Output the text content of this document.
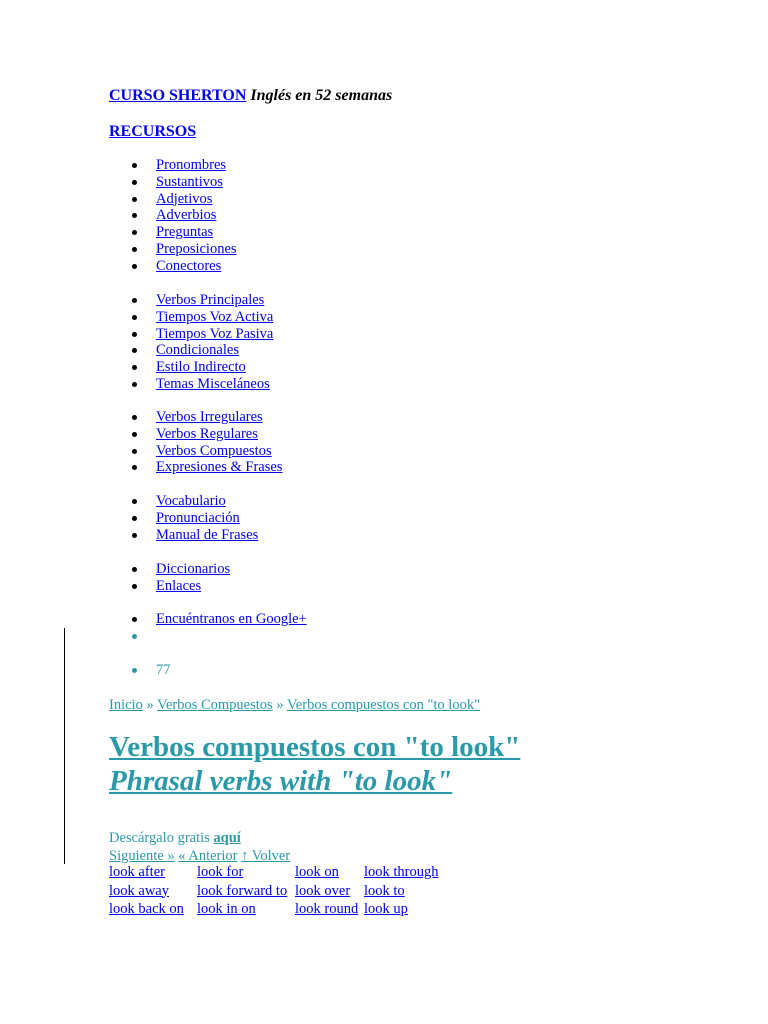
CURSO SHERTON Inglés en 52 semanas
RECURSOS
Pronombres
Sustantivos
Adjetivos
Adverbios
Preguntas
Preposiciones
Conectores
Verbos Principales
Tiempos Voz Activa
Tiempos Voz Pasiva
Condicionales
Estilo Indirecto
Temas Misceláneos
Verbos Irregulares
Verbos Regulares
Verbos Compuestos
Expresiones & Frases
Vocabulario
Pronunciación
Manual de Frases
Diccionarios
Enlaces
Encuéntranos en Google+
77
Inicio » Verbos Compuestos » Verbos compuestos con "to look"
Verbos compuestos con "to look"
Phrasal verbs with "to look"
Descárgalo gratis aquí
Siguiente » « Anterior ↑ Volver
look after	look for	look on	look through
look away	look forward to	look over	look to
look back on	look in on	look round	look up
